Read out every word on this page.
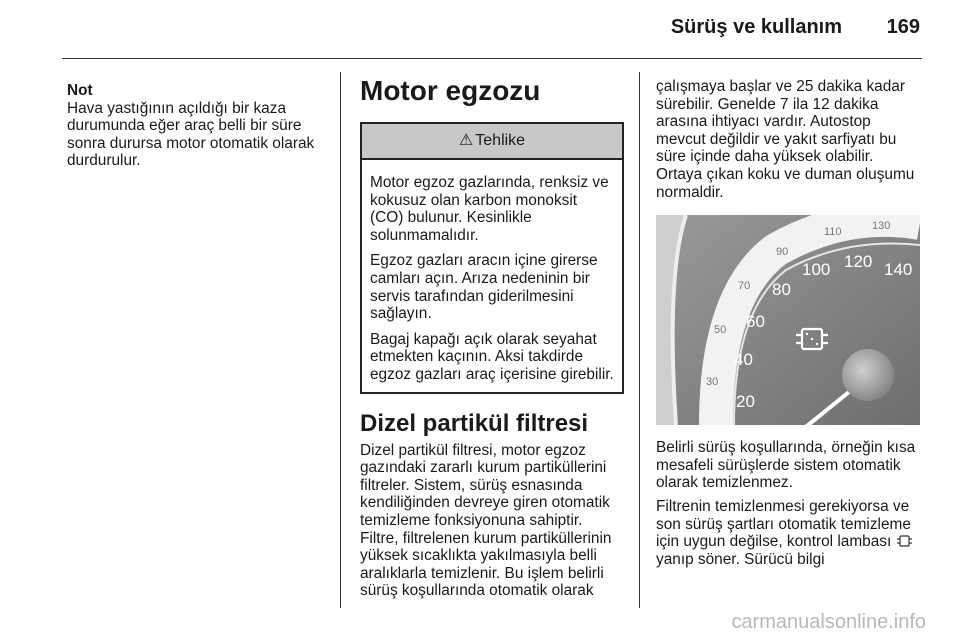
Sürüş ve kullanım 169
Not
Hava yastığının açıldığı bir kaza durumunda eğer araç belli bir süre sonra durursa motor otomatik olarak durdurulur.
Motor egzozu
⚠ Tehlike

Motor egzoz gazlarında, renksiz ve kokusuz olan karbon monoksit (CO) bulunur. Kesinlikle solunmamalıdır.

Egzoz gazları aracın içine girerse camları açın. Arıza nedeninin bir servis tarafından giderilmesini sağlayın.

Bagaj kapağı açık olarak seyahat etmekten kaçının. Aksi takdirde egzoz gazları araç içerisine girebilir.

Dizel partikül filtresi

Dizel partikül filtresi, motor egzoz gazındaki zararlı kurum partiküllerini filtreler. Sistem, sürüş esnasında kendiliğinden devreye giren otomatik temizleme fonksiyonuna sahiptir. Filtre, filtrelenen kurum partiküllerinin yüksek sıcaklıkta yakılmasıyla belli aralıklarla temizlenir. Bu işlem belirli sürüş koşullarında otomatik olarak

çalışmaya başlar ve 25 dakika kadar sürebilir. Genelde 7 ila 12 dakika arasına ihtiyacı vardır. Autostop mevcut değildir ve yakıt sarfiyatı bu süre içinde daha yüksek olabilir. Ortaya çıkan koku ve duman oluşumu normaldir.

30
50
70
90
110	130
20
40
60
80
100 120 140

Belirli sürüş koşullarında, örneğin kısa mesafeli sürüşlerde sistem otomatik olarak temizlenmez.

Filtrenin temizlenmesi gerekiyorsa ve son sürüş şartları otomatik temizleme için uygun değilse, kontrol lambası yanıp söner. Sürücü bilgi

carmanualsonline.info
